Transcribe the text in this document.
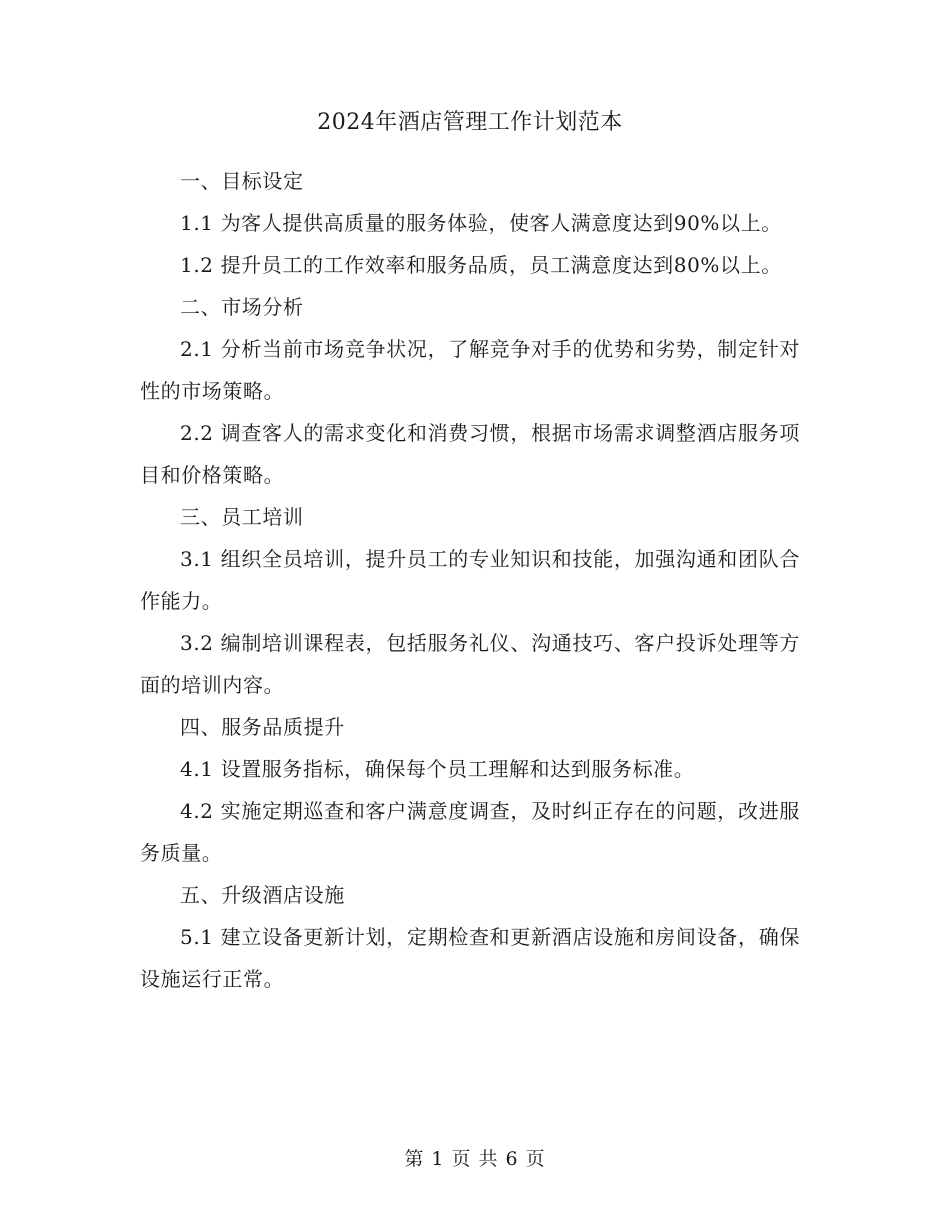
2024年酒店管理工作计划范本

一、目标设定

1.1 为客人提供高质量的服务体验，使客人满意度达到90%以上。

1.2 提升员工的工作效率和服务品质，员工满意度达到80%以上。

二、市场分析

2.1 分析当前市场竞争状况，了解竞争对手的优势和劣势，制定针对性的市场策略。

2.2 调查客人的需求变化和消费习惯，根据市场需求调整酒店服务项目和价格策略。

三、员工培训

3.1 组织全员培训，提升员工的专业知识和技能，加强沟通和团队合作能力。

3.2 编制培训课程表，包括服务礼仪、沟通技巧、客户投诉处理等方面的培训内容。

四、服务品质提升

4.1 设置服务指标，确保每个员工理解和达到服务标准。

4.2 实施定期巡查和客户满意度调查，及时纠正存在的问题，改进服务质量。

五、升级酒店设施

5.1 建立设备更新计划，定期检查和更新酒店设施和房间设备，确保设施运行正常。

第 1 页 共 6 页
